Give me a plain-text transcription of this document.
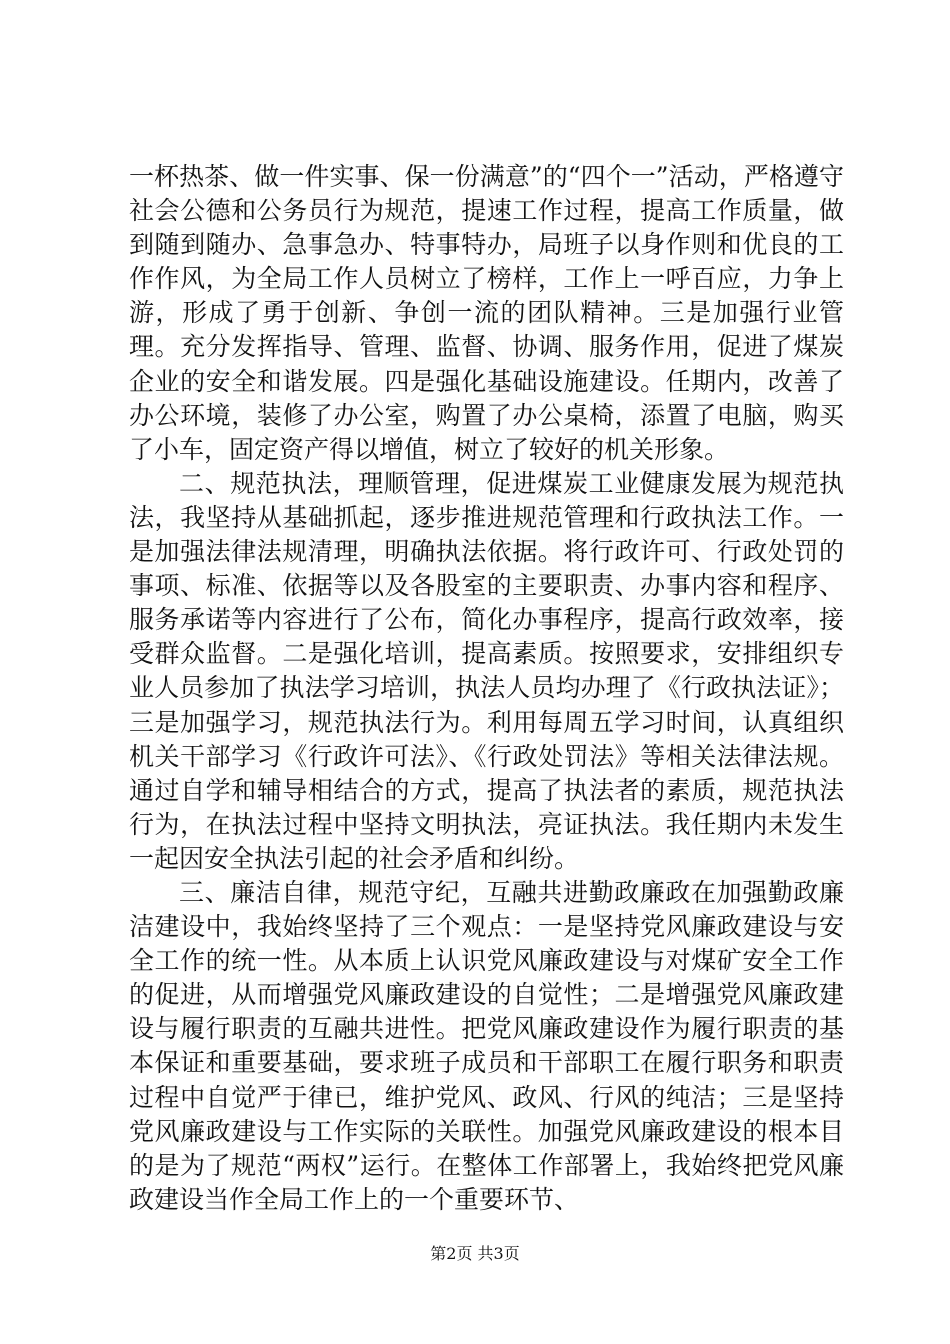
一杯热茶、做一件实事、保一份满意”的“四个一”活动，严格遵守社会公德和公务员行为规范，提速工作过程，提高工作质量，做到随到随办、急事急办、特事特办，局班子以身作则和优良的工作作风，为全局工作人员树立了榜样，工作上一呼百应，力争上游，形成了勇于创新、争创一流的团队精神。三是加强行业管理。充分发挥指导、管理、监督、协调、服务作用，促进了煤炭企业的安全和谐发展。四是强化基础设施建设。任期内，改善了办公环境，装修了办公室，购置了办公桌椅，添置了电脑，购买了小车，固定资产得以增值，树立了较好的机关形象。

二、规范执法，理顺管理，促进煤炭工业健康发展为规范执法，我坚持从基础抓起，逐步推进规范管理和行政执法工作。一是加强法律法规清理，明确执法依据。将行政许可、行政处罚的事项、标准、依据等以及各股室的主要职责、办事内容和程序、服务承诺等内容进行了公布，简化办事程序，提高行政效率，接受群众监督。二是强化培训，提高素质。按照要求，安排组织专业人员参加了执法学习培训，执法人员均办理了《行政执法证》；三是加强学习，规范执法行为。利用每周五学习时间，认真组织机关干部学习《行政许可法》、《行政处罚法》等相关法律法规。通过自学和辅导相结合的方式，提高了执法者的素质，规范执法行为，在执法过程中坚持文明执法，亮证执法。我任期内未发生一起因安全执法引起的社会矛盾和纠纷。

三、廉洁自律，规范守纪，互融共进勤政廉政在加强勤政廉洁建设中，我始终坚持了三个观点：一是坚持党风廉政建设与安全工作的统一性。从本质上认识党风廉政建设与对煤矿安全工作的促进，从而增强党风廉政建设的自觉性；二是增强党风廉政建设与履行职责的互融共进性。把党风廉政建设作为履行职责的基本保证和重要基础，要求班子成员和干部职工在履行职务和职责过程中自觉严于律已，维护党风、政风、行风的纯洁；三是坚持党风廉政建设与工作实际的关联性。加强党风廉政建设的根本目的是为了规范“两权”运行。在整体工作部署上，我始终把党风廉政建设当作全局工作上的一个重要环节、

第2页 共3页
